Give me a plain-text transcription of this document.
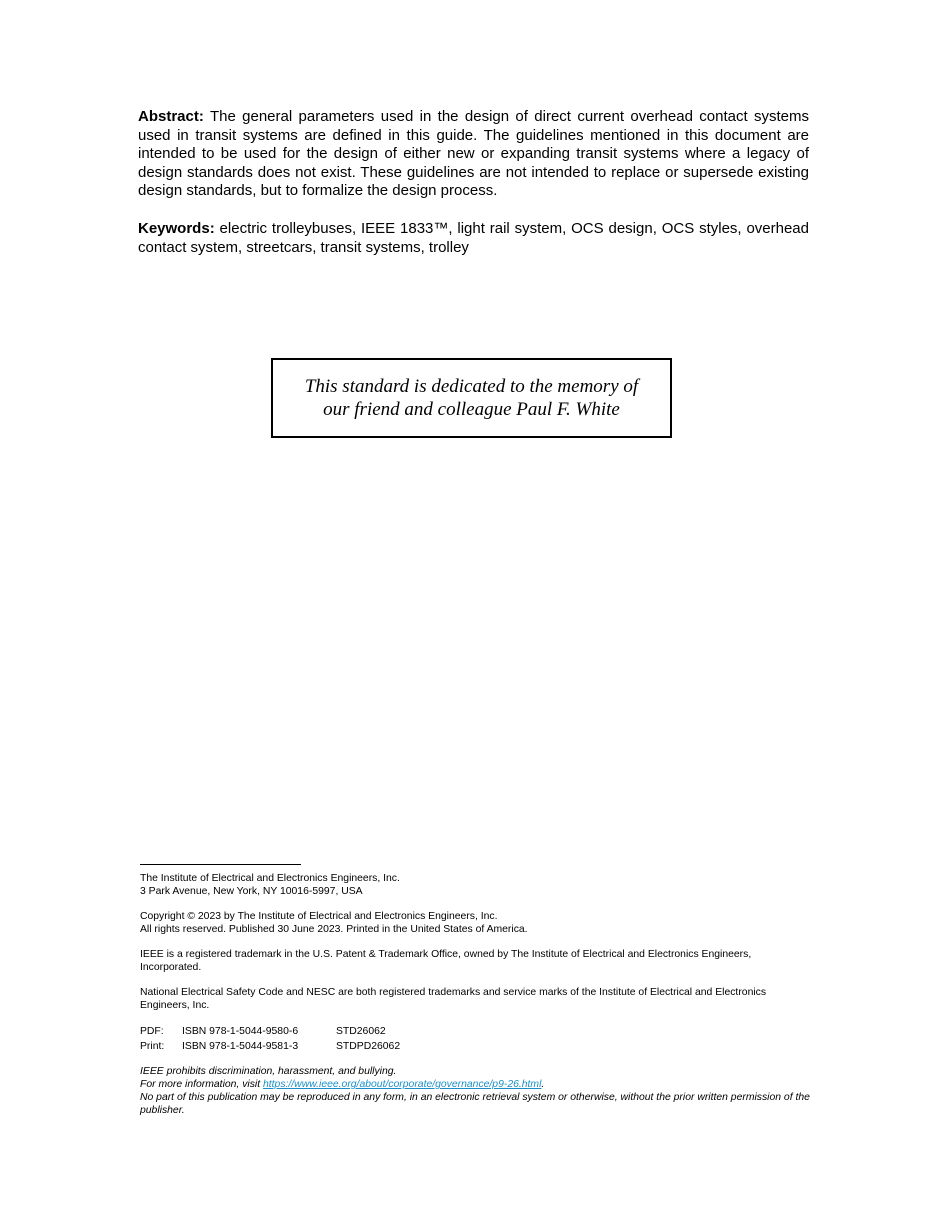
Abstract: The general parameters used in the design of direct current overhead contact systems used in transit systems are defined in this guide. The guidelines mentioned in this document are intended to be used for the design of either new or expanding transit systems where a legacy of design standards does not exist. These guidelines are not intended to replace or supersede existing design standards, but to formalize the design process.

Keywords: electric trolleybuses, IEEE 1833™, light rail system, OCS design, OCS styles, overhead contact system, streetcars, transit systems, trolley

This standard is dedicated to the memory of our friend and colleague Paul F. White

The Institute of Electrical and Electronics Engineers, Inc.
3 Park Avenue, New York, NY 10016-5997, USA

Copyright © 2023 by The Institute of Electrical and Electronics Engineers, Inc.
All rights reserved. Published 30 June 2023. Printed in the United States of America.

IEEE is a registered trademark in the U.S. Patent & Trademark Office, owned by The Institute of Electrical and Electronics Engineers, Incorporated.

National Electrical Safety Code and NESC are both registered trademarks and service marks of the Institute of Electrical and Electronics Engineers, Inc.

PDF:	ISBN 978-1-5044-9580-6	STD26062
Print:	ISBN 978-1-5044-9581-3	STDPD26062
IEEE prohibits discrimination, harassment, and bullying.
For more information, visit https://www.ieee.org/about/corporate/governance/p9-26.html.
No part of this publication may be reproduced in any form, in an electronic retrieval system or otherwise, without the prior written permission of the publisher.
